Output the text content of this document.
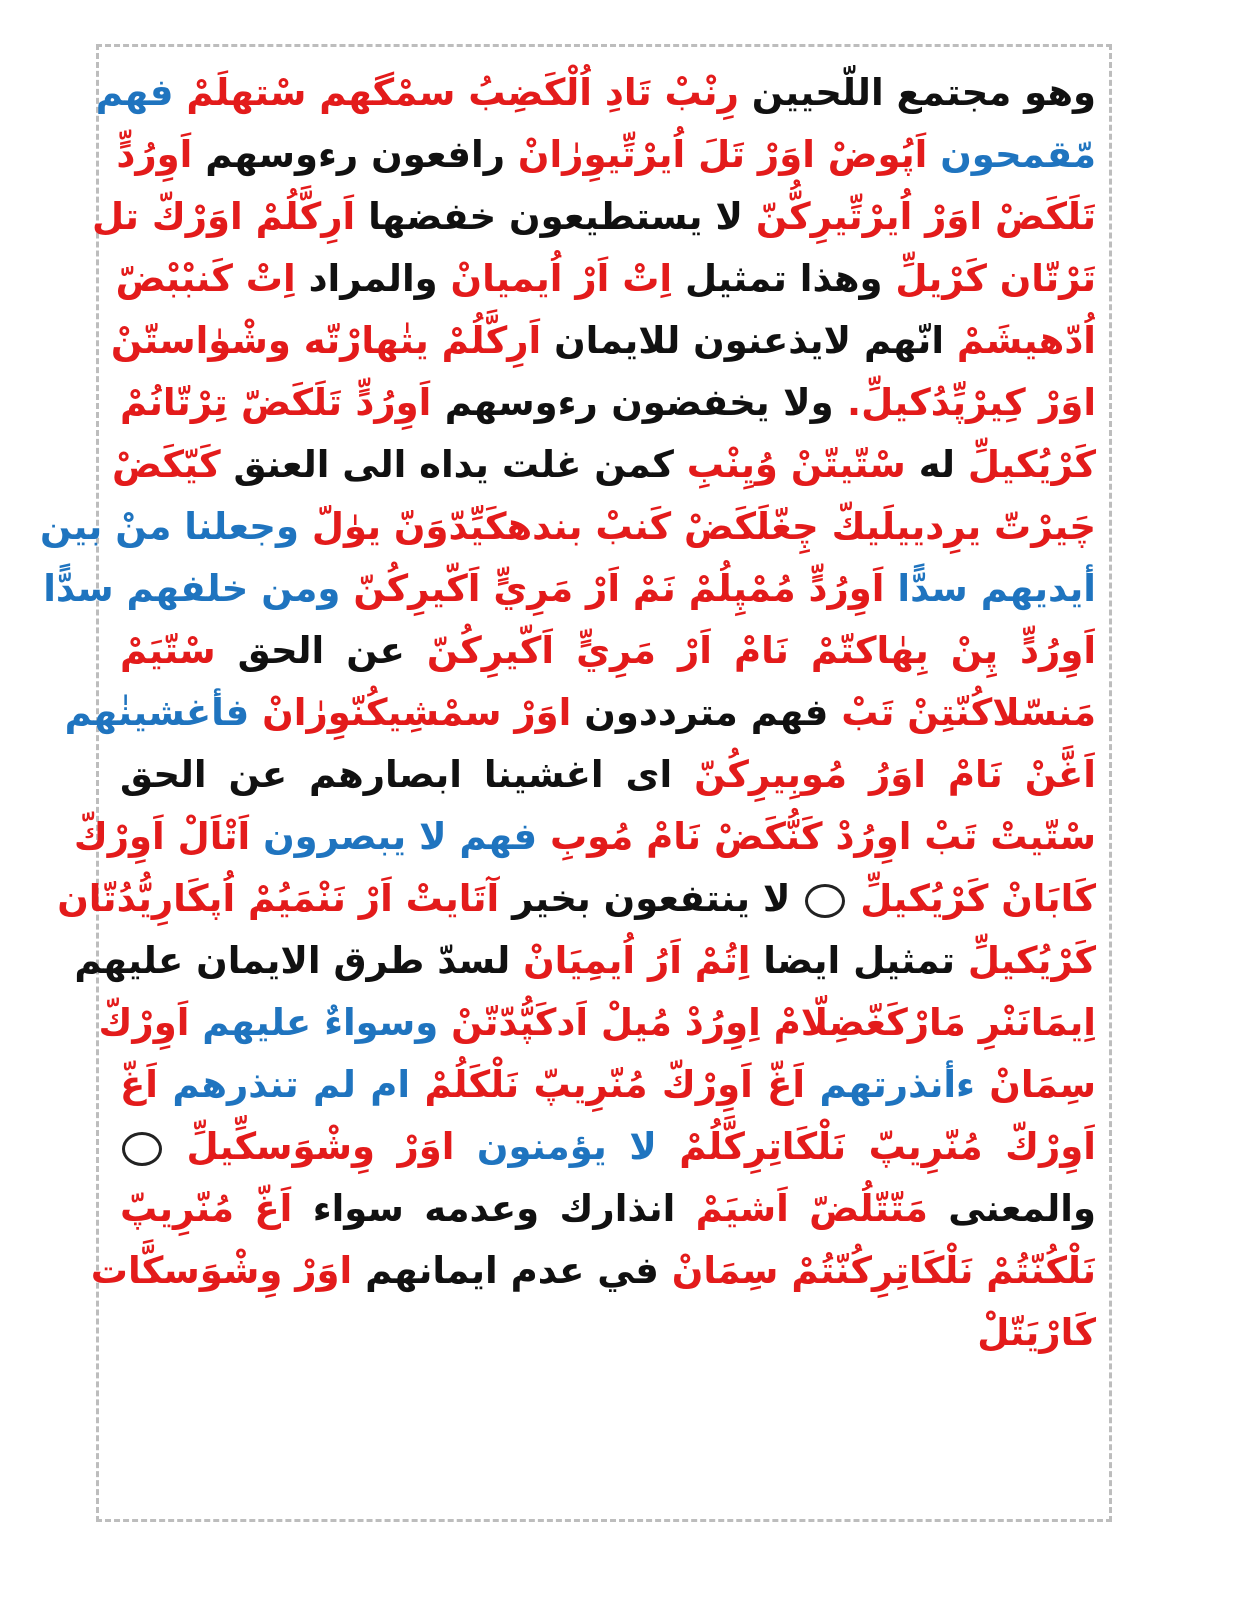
وهو مجتمع اللّحيين رِنْبْ تَادِ اُلْكَضِبُ سمْگهم سْتهلَمْ فهم
مّقمحون اَپُوضْ اوَرْ تَلَ اُيرْتِّيوِرٰانْ رافعون رءوسهم اَوِرُدٍّ
تَلَكَضْ اوَرْ اُيرْتِّيرِكُّنّ لا يستطيعون خفضها اَرِكَّلُمْ اوَرْكّ تل
تَرْتّان كَرْيلِّ وهذا تمثيل اِتْ اَرْ اُيميانْ والمراد اِتْ كَنبْبْضّ
اُدّهيشَمْ انّهم لايذعنون للايمان اَرِكَّلُمْ يتٰهارْتّه وشْوٰاستّنْ
اوَرْ كِيرْپِّدُكيلِّ. ولا يخفضون رءوسهم اَوِرُدٍّ تَلَكَضّ تِرْتّانُمْ
كَرْيُكيلِّ له سْتّيتّنْ وُيِنْبِ كمن غلت يداه الى العنق كَيّكَضْ
چَيرْتّ يرِدييلَيكّ چِغّلَكَضْ كَنبْ بندهكَيِّدّوَنّ يوٰلّ وجعلنا منْ بين
أيديهم سدًّا اَوِرُدٍّ مُمْپِلُمْ نَمْ اَرْ مَرِيٍّ اَكّيرِكُنّ ومن خلفهم سدًّا
اَوِرُدٍّ پِنْ بِهٰاكتّمْ نَامْ اَرْ مَرِيٍّ اَكّيرِكُنّ عن الحق سْتّيَمْ
مَنسّلاكُنّتِنْ تَبْ فهم مترددون اوَرْ سمْشِيكُنّوِرٰانْ فأغشينٰهم
اَغَّنْ نَامْ اوَرُ مُوبِيرِكُنّ اى اغشينا ابصارهم عن الحق
سْتّيتْ تَبْ اوِرُدْ كَنُّكَضْ نَامْ مُوبِ فهم لا يبصرون اَتْاَلْ اَوِرْكّ
كَابَانْ كَرْيُكيلِّ  لا ينتفعون بخير آتَايتْ اَرْ نَنْمَيُمْ اُپكَارِيُّدُتّان
كَرْيُكيلِّ تمثيل ايضا اِتُمْ اَرُ اُيمِيَانْ لسدّ طرق الايمان عليهم
اِيمَانَنْرِ مَارْكَغّضِلّامْ اِوِرُدْ مُيلْ اَدكَپُّدّتّنْ وسواءٌ عليهم اَوِرْكّ
سِمَانْ ءأنذرتهم اَغّ اَوِرْكّ مُنّرِيپّ نَلْكَلُمْ ام لم تنذرهم اَغّ
اَوِرْكّ مُنّرِيپّ نَلْكَاتِرِكَّلُمْ لا يؤمنون اوَرْ وِشْوَسكِّيلِّ
والمعنى مَتّتّلُضّ اَشيَمْ انذارك وعدمه سواء اَغّ مُنّرِيپّ
نَلْكُنّتُمْ نَلْكَاتِرِكُنّتُمْ سِمَانْ في عدم ايمانهم اوَرْ وِشْوَسكَّات
كَارْيَتّلْ
